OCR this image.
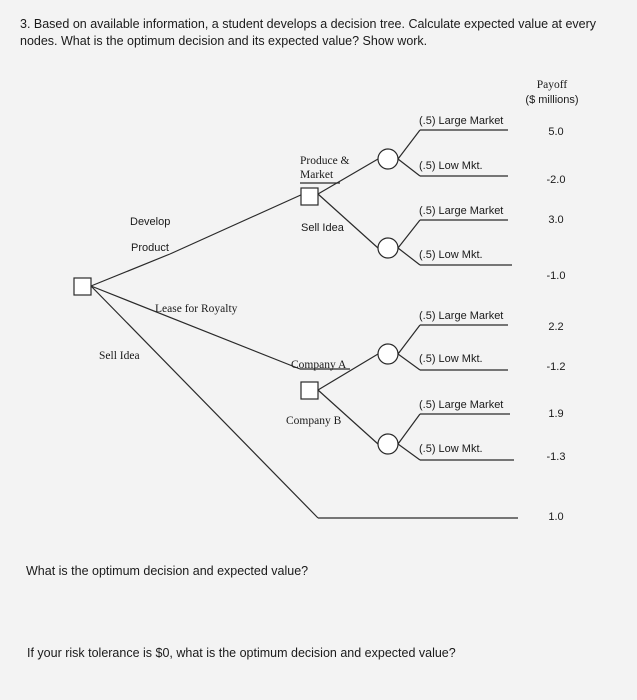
3. Based on available information, a student develops a decision tree. Calculate expected value at every
nodes. What is the optimum decision and its expected value? Show work.
Develop
Product
Lease for Royalty
Sell Idea
Produce &
Market
Sell Idea
Company A
Company B
(.5) Large Market
(.5) Low Mkt.
(.5) Large Market
(.5) Low Mkt.
(.5) Large Market
(.5) Low Mkt.
(.5) Large Market
(.5) Low Mkt.
Payoff
($ millions)
5.0
-2.0
3.0
-1.0
2.2
-1.2
1.9
-1.3
1.0
What is the optimum decision and expected value?
If your risk tolerance is $0, what is the optimum decision and expected value?
